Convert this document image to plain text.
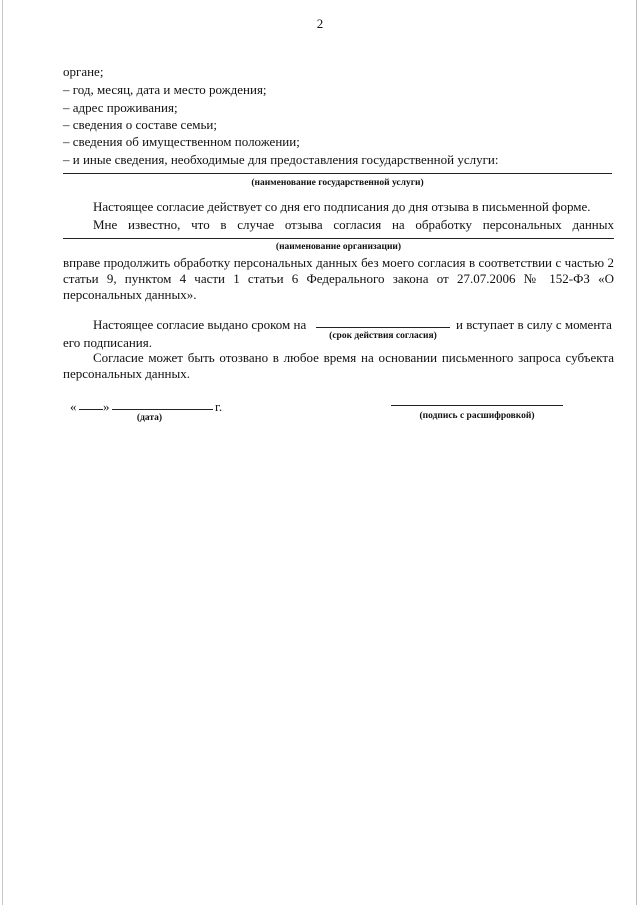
2
органе;
– год, месяц, дата и место рождения;
– адрес проживания;
– сведения о составе семьи;
– сведения об имущественном положении;
– и иные сведения, необходимые для предоставления государственной услуги:
(наименование государственной услуги)
Настоящее согласие действует со дня его подписания до дня отзыва в письменной форме.
Мне известно, что в случае отзыва согласия на обработку персональных данных
(наименование организации)
вправе продолжить обработку персональных данных без моего согласия в соответствии с частью 2 статьи 9, пунктом 4 части 1 статьи 6 Федерального закона от 27.07.2006 № 152-ФЗ «О персональных данных».
Настоящее согласие выдано сроком на	и вступает в силу с момента
(срок действия согласия)
его подписания.
Согласие может быть отозвано в любое время на основании письменного запроса субъекта персональных данных.
« »	г.
(дата)	(подпись с расшифровкой)
